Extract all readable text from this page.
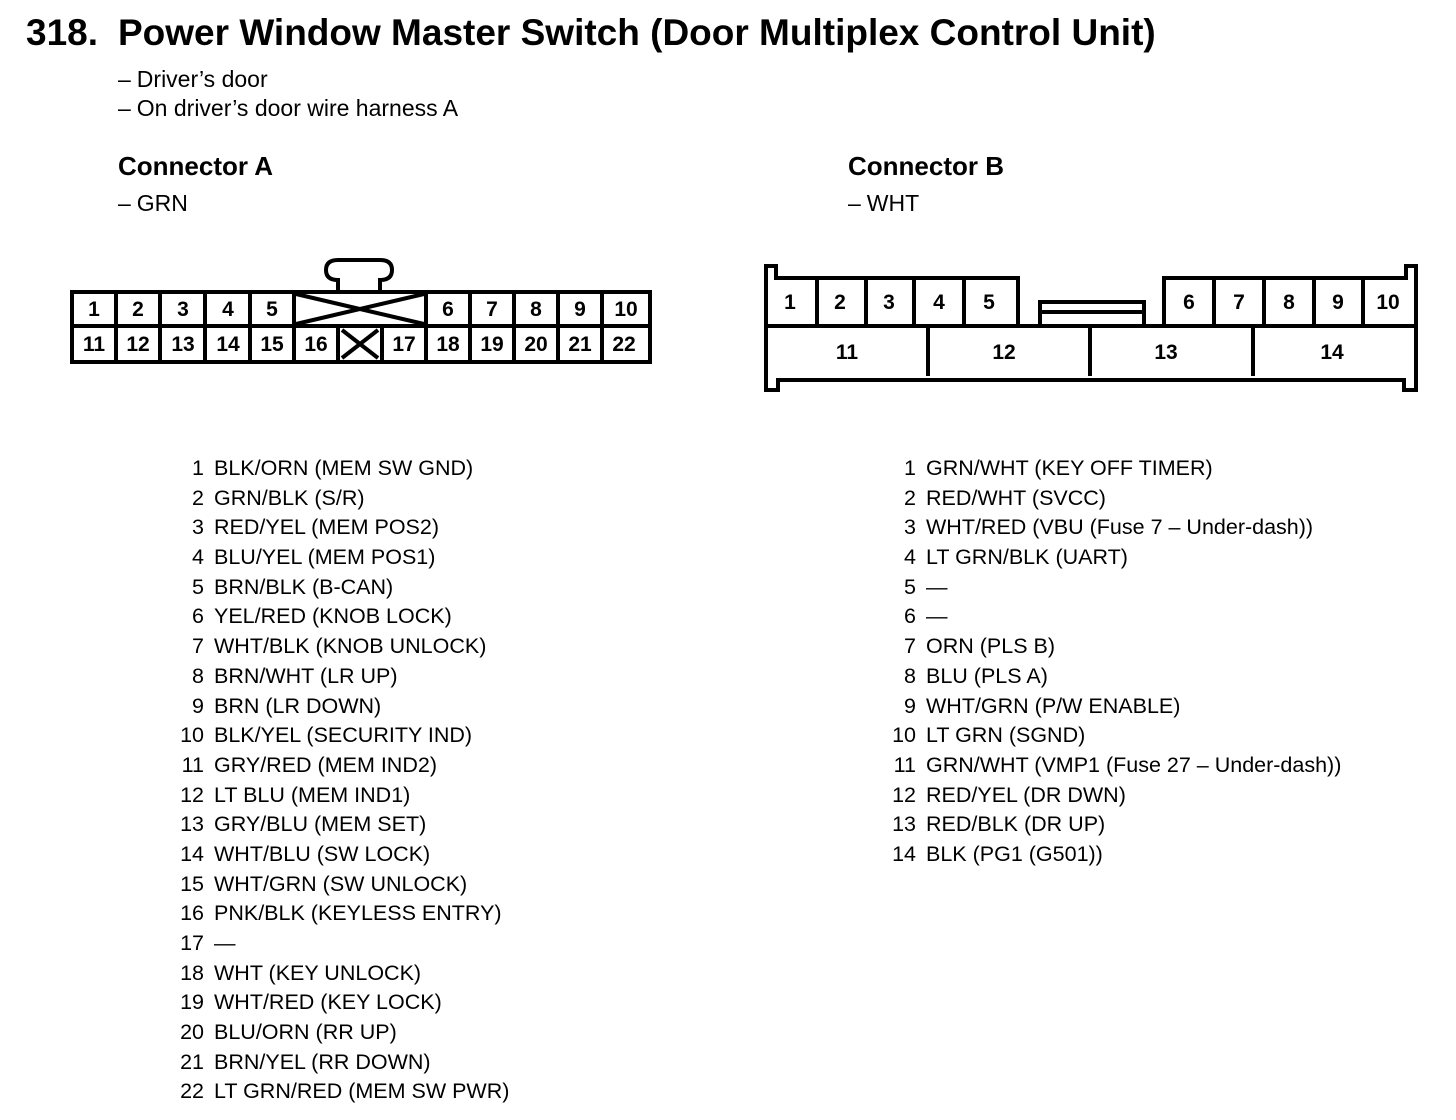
318. Power Window Master Switch (Door Multiplex Control Unit)
– Driver’s door
– On driver’s door wire harness A
Connector A
– GRN
Connector B
– WHT
1 2 3 4 5	6 7 8 9 10
11 12 13 14 15 16	17 18 19 20 21 22
1 2 3 4 5	6 7 8 9 10
11	12	13	14
1 BLK/ORN (MEM SW GND)
2 GRN/BLK (S/R)
3 RED/YEL (MEM POS2)
4 BLU/YEL (MEM POS1)
5 BRN/BLK (B-CAN)
6 YEL/RED (KNOB LOCK)
7 WHT/BLK (KNOB UNLOCK)
8 BRN/WHT (LR UP)
9 BRN (LR DOWN)
10 BLK/YEL (SECURITY IND)
11 GRY/RED (MEM IND2)
12 LT BLU (MEM IND1)
13 GRY/BLU (MEM SET)
14 WHT/BLU (SW LOCK)
15 WHT/GRN (SW UNLOCK)
16 PNK/BLK (KEYLESS ENTRY)
17 —
18 WHT (KEY UNLOCK)
19 WHT/RED (KEY LOCK)
20 BLU/ORN (RR UP)
21 BRN/YEL (RR DOWN)
22 LT GRN/RED (MEM SW PWR)
1 GRN/WHT (KEY OFF TIMER)
2 RED/WHT (SVCC)
3 WHT/RED (VBU (Fuse 7 – Under-dash))
4 LT GRN/BLK (UART)
5 —
6 —
7 ORN (PLS B)
8 BLU (PLS A)
9 WHT/GRN (P/W ENABLE)
10 LT GRN (SGND)
11 GRN/WHT (VMP1 (Fuse 27 – Under-dash))
12 RED/YEL (DR DWN)
13 RED/BLK (DR UP)
14 BLK (PG1 (G501))
